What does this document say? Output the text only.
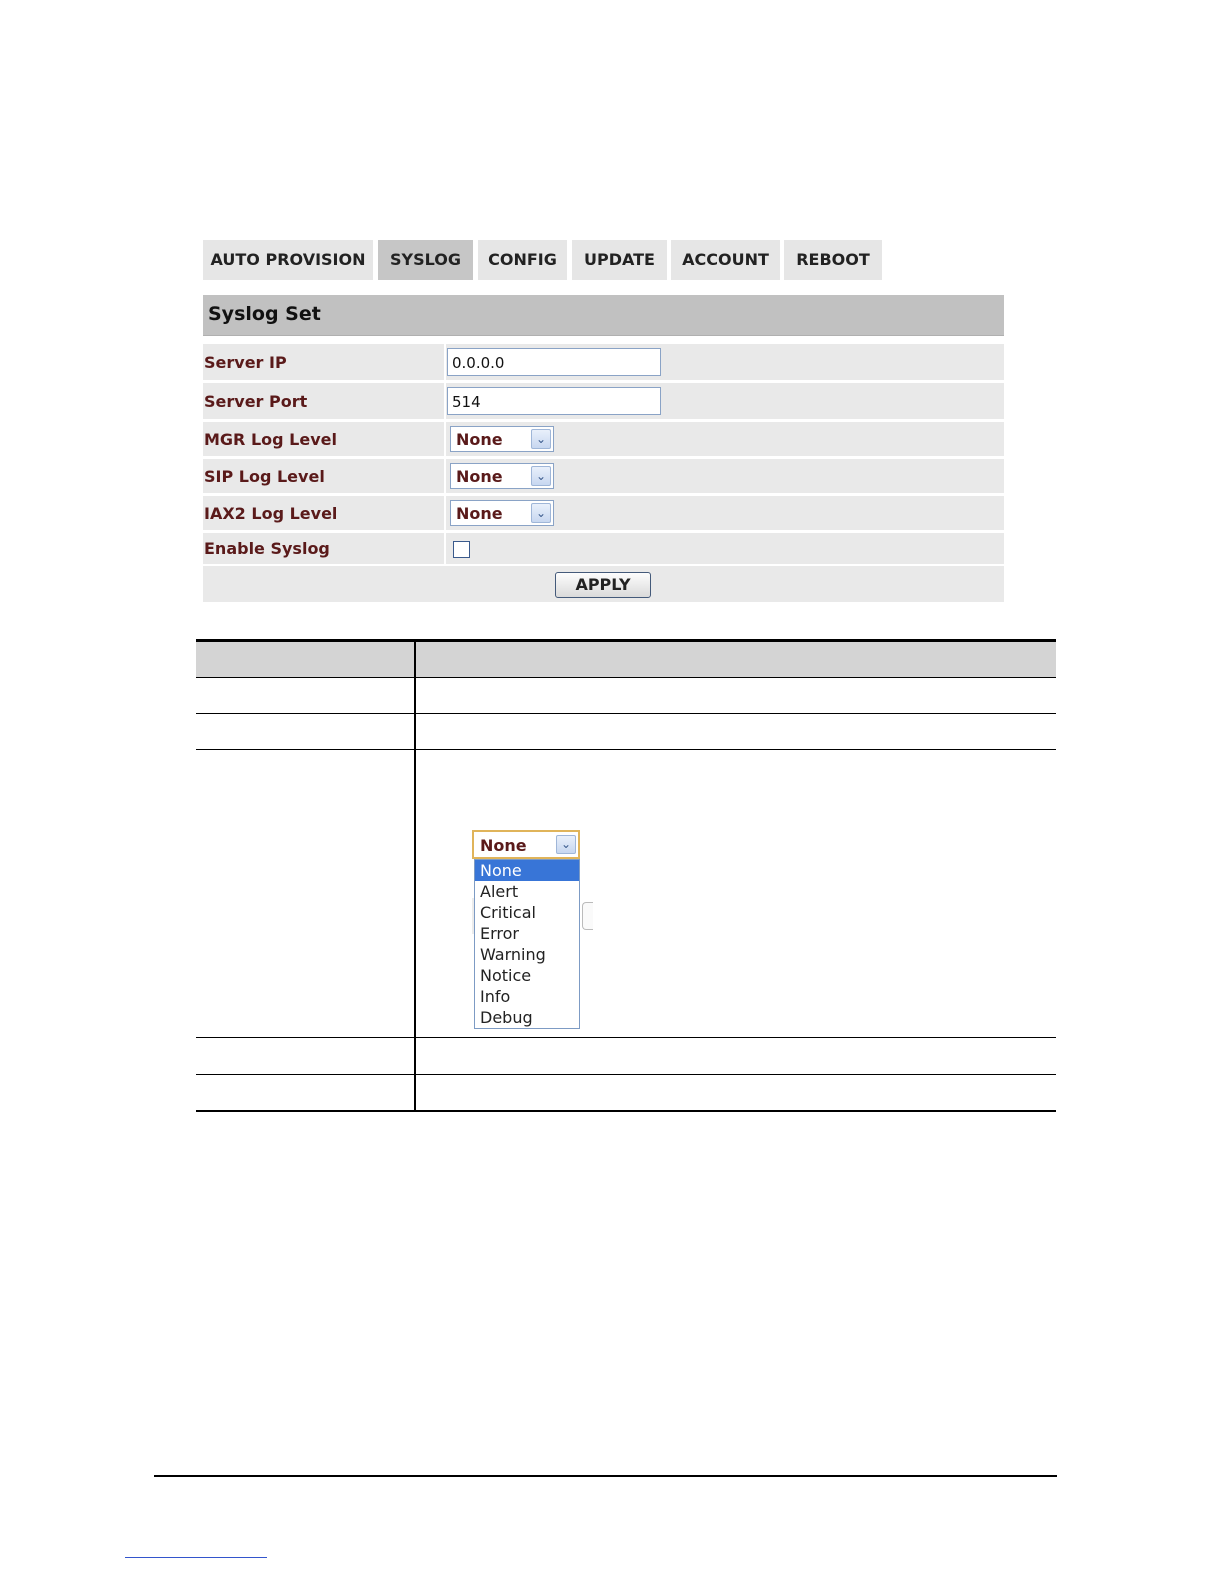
AUTO PROVISION	SYSLOG	CONFIG	UPDATE	ACCOUNT	REBOOT
Syslog Set
Server IP	0.0.0.0
Server Port	514
MGR Log Level	None	⌄
SIP Log Level	None	⌄
IAX2 Log Level	None	⌄
Enable Syslog
APPLY
None	⌄
None
Alert
Critical
Error
Warning
Notice
Info
Debug
